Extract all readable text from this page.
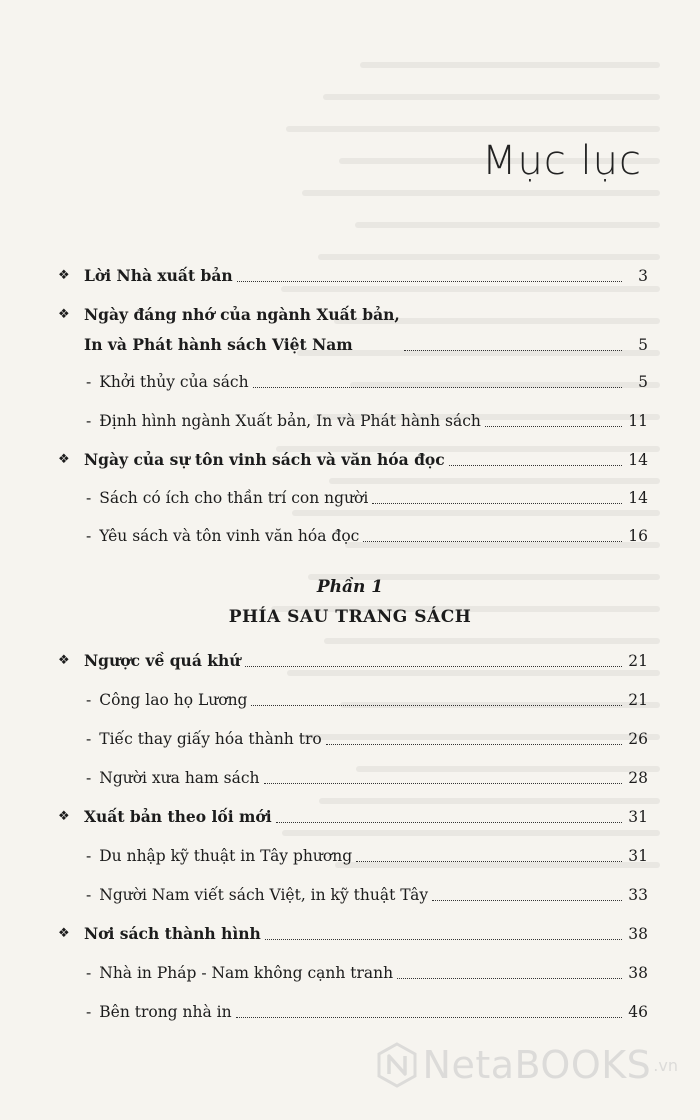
Mục lục
❖ Lời Nhà xuất bản	3
❖ Ngày đáng nhớ của ngành Xuất bản,
In và Phát hành sách Việt Nam	5
- Khởi thủy của sách	5
- Định hình ngành Xuất bản, In và Phát hành sách	11
❖ Ngày của sự tôn vinh sách và văn hóa đọc	14
- Sách có ích cho thần trí con người	14
- Yêu sách và tôn vinh văn hóa đọc	16
Phần 1
PHÍA SAU TRANG SÁCH
❖ Ngược về quá khứ	21
- Công lao họ Lương	21
- Tiếc thay giấy hóa thành tro	26
- Người xưa ham sách	28
❖ Xuất bản theo lối mới	31
- Du nhập kỹ thuật in Tây phương	31
- Người Nam viết sách Việt, in kỹ thuật Tây	33
❖ Nơi sách thành hình	38
- Nhà in Pháp - Nam không cạnh tranh	38
- Bên trong nhà in	46
NetaBOOKS .vn
